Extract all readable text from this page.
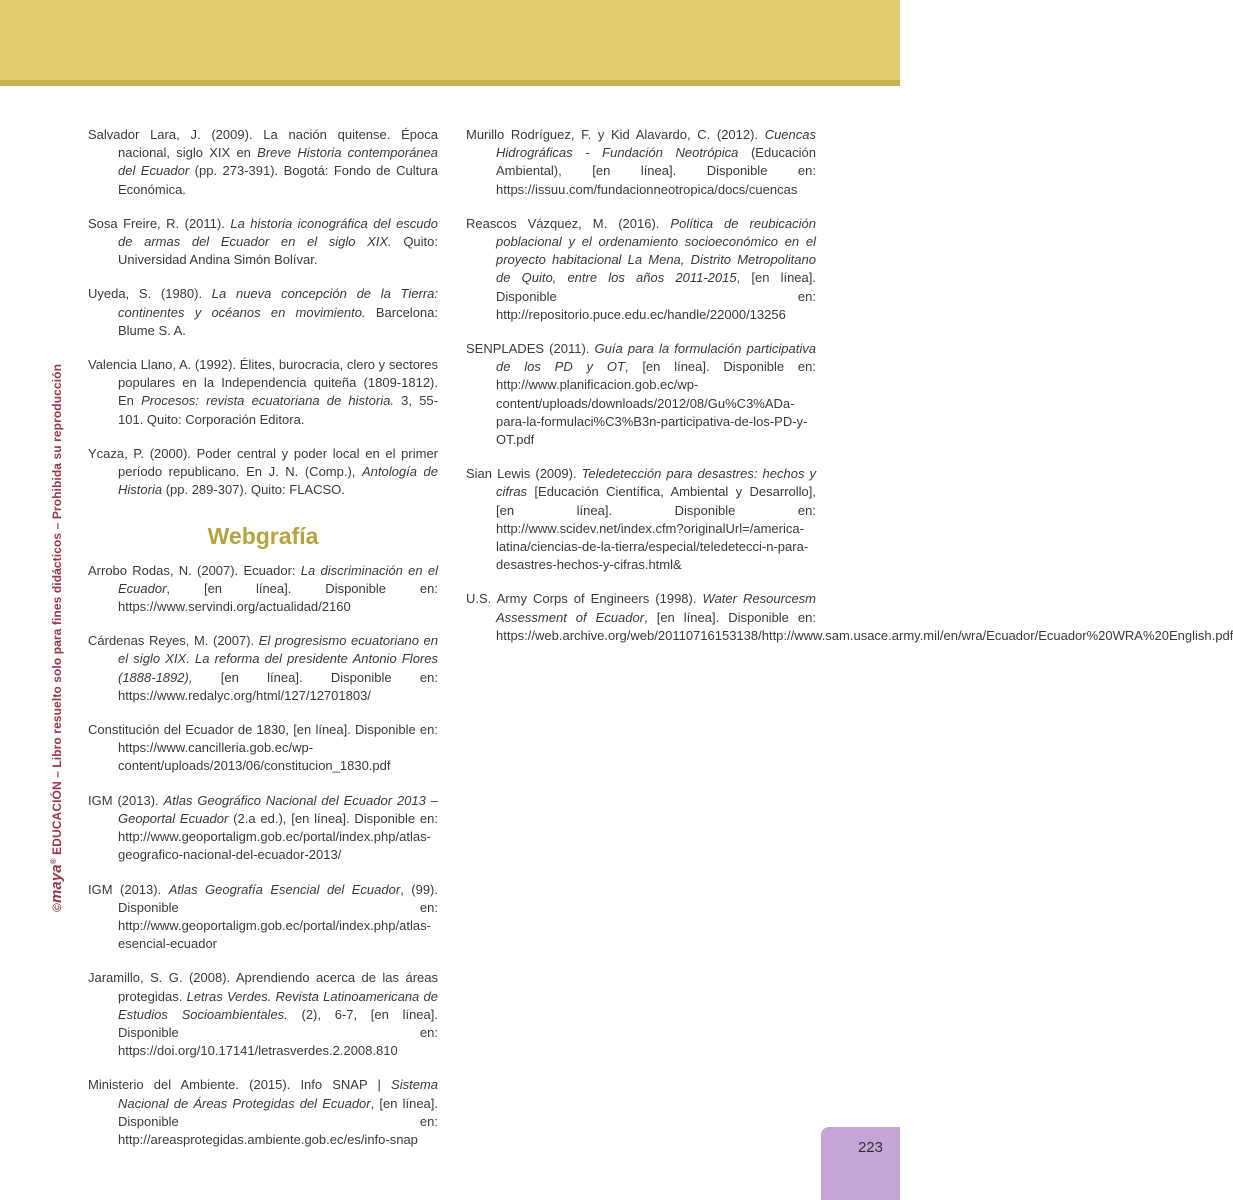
©maya® EDUCACIÓN – Libro resuelto solo para fines didácticos – Prohibida su reproducción

Salvador Lara, J. (2009). La nación quitense. Época nacional, siglo XIX en Breve Historia contemporánea del Ecuador (pp. 273-391). Bogotá: Fondo de Cultura Económica.

Sosa Freire, R. (2011). La historia iconográfica del escudo de armas del Ecuador en el siglo XIX. Quito: Universidad Andina Simón Bolívar.

Uyeda, S. (1980). La nueva concepción de la Tierra: continentes y océanos en movimiento. Barcelona: Blume S. A.

Valencia Llano, A. (1992). Élites, burocracia, clero y sectores populares en la Independencia quiteña (1809-1812). En Procesos: revista ecuatoriana de historia. 3, 55-101. Quito: Corporación Editora.

Ycaza, P. (2000). Poder central y poder local en el primer período republicano. En J. N. (Comp.), Antología de Historia (pp. 289-307). Quito: FLACSO.

Webgrafía

Arrobo Rodas, N. (2007). Ecuador: La discriminación en el Ecuador, [en línea]. Disponible en: https://www.servindi.org/actualidad/2160

Cárdenas Reyes, M. (2007). El progresismo ecuatoriano en el siglo XIX. La reforma del presidente Antonio Flores (1888-1892), [en línea]. Disponible en: https://www.redalyc.org/html/127/12701803/

Constitución del Ecuador de 1830, [en línea]. Disponible en: https://www.cancilleria.gob.ec/wp-content/uploads/2013/06/constitucion_1830.pdf

IGM (2013). Atlas Geográfico Nacional del Ecuador 2013 – Geoportal Ecuador (2.a ed.), [en línea]. Disponible en: http://www.geoportaligm.gob.ec/portal/index.php/atlas-geografico-nacional-del-ecuador-2013/

IGM (2013). Atlas Geografía Esencial del Ecuador, (99). Disponible en: http://www.geoportaligm.gob.ec/portal/index.php/atlas-esencial-ecuador

Jaramillo, S. G. (2008). Aprendiendo acerca de las áreas protegidas. Letras Verdes. Revista Latinoamericana de Estudios Socioambientales. (2), 6-7, [en línea]. Disponible en: https://doi.org/10.17141/letrasverdes.2.2008.810

Ministerio del Ambiente. (2015). Info SNAP | Sistema Nacional de Áreas Protegidas del Ecuador, [en línea]. Disponible en: http://areasprotegidas.ambiente.gob.ec/es/info-snap

Murillo Rodríguez, F. y Kid Alavardo, C. (2012). Cuencas Hidrográficas - Fundación Neotrópica (Educación Ambiental), [en línea]. Disponible en: https://issuu.com/fundacionneotropica/docs/cuencas

Reascos Vázquez, M. (2016). Política de reubicación poblacional y el ordenamiento socioeconómico en el proyecto habitacional La Mena, Distrito Metropolitano de Quito, entre los años 2011-2015, [en línea]. Disponible en: http://repositorio.puce.edu.ec/handle/22000/13256

SENPLADES (2011). Guía para la formulación participativa de los PD y OT, [en línea]. Disponible en: http://www.planificacion.gob.ec/wp-content/uploads/downloads/2012/08/Gu%C3%ADa-para-la-formulaci%C3%B3n-participativa-de-los-PD-y-OT.pdf

Sian Lewis (2009). Teledetección para desastres: hechos y cifras [Educación Científica, Ambiental y Desarrollo], [en línea]. Disponible en: http://www.scidev.net/index.cfm?originalUrl=/america-latina/ciencias-de-la-tierra/especial/teledetecci-n-para-desastres-hechos-y-cifras.html&

U.S. Army Corps of Engineers (1998). Water Resourcesm Assessment of Ecuador, [en línea]. Disponible en: https://web.archive.org/web/20110716153138/http://www.sam.usace.army.mil/en/wra/Ecuador/Ecuador%20WRA%20English.pdf

223
